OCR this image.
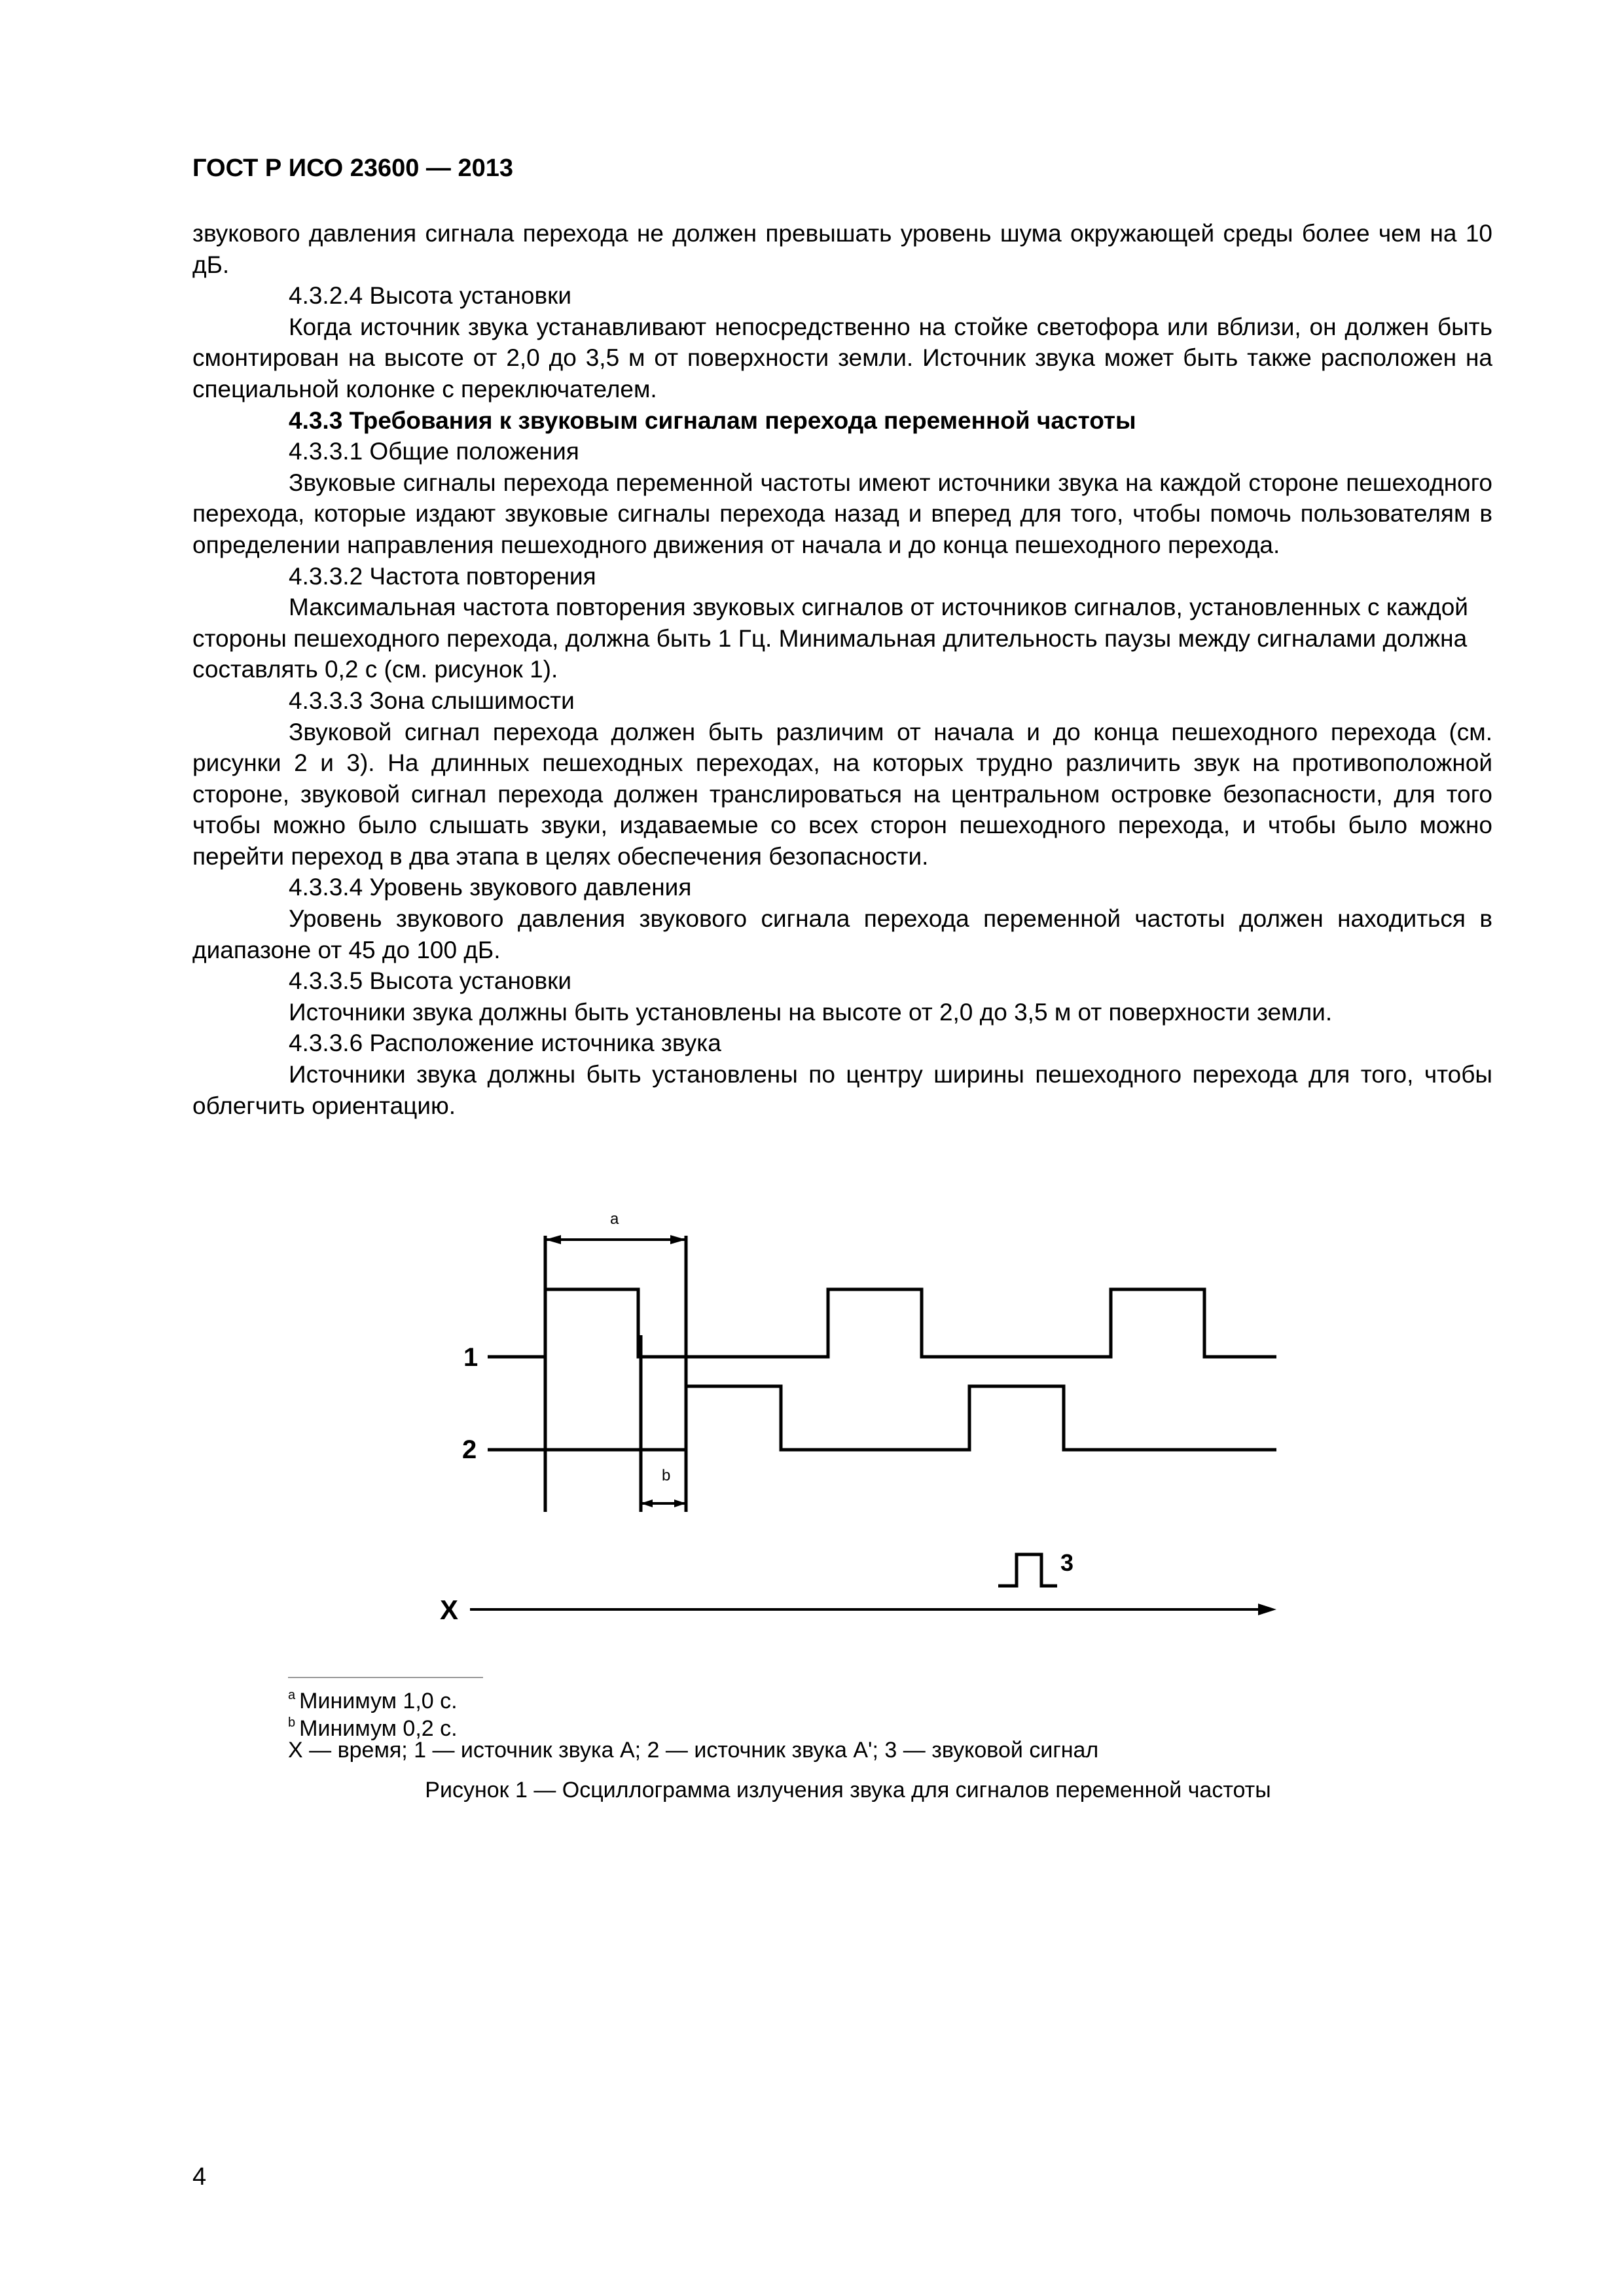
ГОСТ Р ИСО 23600 — 2013

звукового давления сигнала перехода не должен превышать уровень шума окружающей среды более чем на 10 дБ.

4.3.2.4 Высота установки

Когда источник звука устанавливают непосредственно на стойке светофора или вблизи, он должен быть смонтирован на высоте от 2,0 до 3,5 м от поверхности земли. Источник звука может быть также расположен на специальной колонке с переключателем.

4.3.3 Требования к звуковым сигналам перехода переменной частоты

4.3.3.1 Общие положения

Звуковые сигналы перехода переменной частоты имеют источники звука на каждой стороне пешеходного перехода, которые издают звуковые сигналы перехода назад и вперед для того, чтобы помочь пользователям в определении направления пешеходного движения от начала и до конца пешеходного перехода.

4.3.3.2 Частота повторения

Максимальная частота повторения звуковых сигналов от источников сигналов, установленных с каждой стороны пешеходного перехода, должна быть 1 Гц. Минимальная длительность паузы между сигналами должна составлять 0,2 с (см. рисунок 1).

4.3.3.3 Зона слышимости

Звуковой сигнал перехода должен быть различим от начала и до конца пешеходного перехода (см. рисунки 2 и 3). На длинных пешеходных переходах, на которых трудно различить звук на противоположной стороне, звуковой сигнал перехода должен транслироваться на центральном островке безопасности, для того чтобы можно было слышать звуки, издаваемые со всех сторон пешеходного перехода, и чтобы было можно перейти переход в два этапа в целях обеспечения безопасности.

4.3.3.4 Уровень звукового давления

Уровень звукового давления звукового сигнала перехода переменной частоты должен находиться в диапазоне от 45 до 100 дБ.

4.3.3.5 Высота установки

Источники звука должны быть установлены на высоте от 2,0 до 3,5 м от поверхности земли.

4.3.3.6 Расположение источника звука

Источники звука должны быть установлены по центру ширины пешеходного перехода для того, чтобы облегчить ориентацию.

1
2
3
X
a
b
$^a$ Минимум 1,0 с.
$^b$ Минимум 0,2 с.
X — время; 1 — источник звука A; 2 — источник звука A'; 3 — звуковой сигнал
Рисунок 1 — Осциллограмма излучения звука для сигналов переменной частоты
4
